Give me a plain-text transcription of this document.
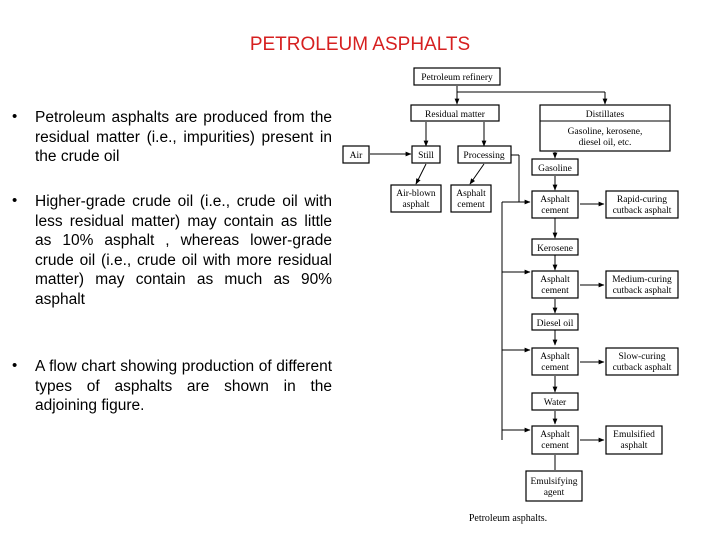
PETROLEUM ASPHALTS
• Petroleum asphalts are produced from the residual matter (i.e., impurities) present in the crude oil
• Higher-grade crude oil (i.e., crude oil with less residual matter) may contain as little as 10% asphalt , whereas lower-grade crude oil (i.e., crude oil with more residual matter) may contain as much as 90% asphalt
• A flow chart showing production of different types of asphalts are shown in the adjoining figure.
Petroleum refinery
Residual matter	Distillates
Gasoline, kerosene,
diesel oil, etc.
Air	Still	Processing
Air-blown
asphalt
Asphalt
cement
Gasoline
Asphalt
cement
Rapid-curing
cutback asphalt
Kerosene
Asphalt
cement
Medium-curing
cutback asphalt
Diesel oil
Asphalt
cement
Slow-curing
cutback asphalt
Water
Asphalt
cement
Emulsified
asphalt
Emulsifying
agent
Petroleum asphalts.
